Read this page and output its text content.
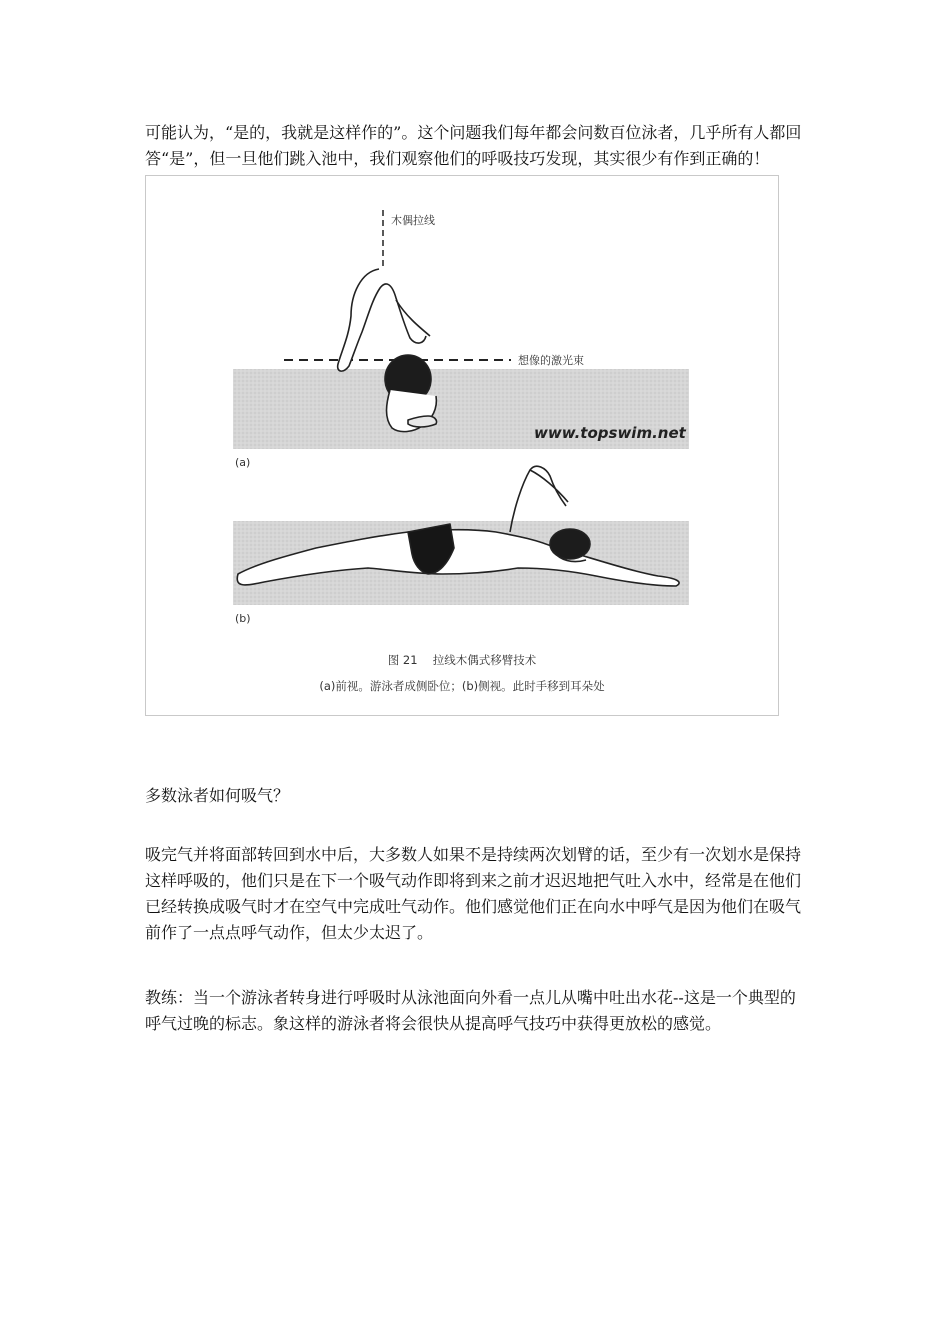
可能认为，“是的，我就是这样作的”。这个问题我们每年都会问数百位泳者，几乎所有人都回答“是”，但一旦他们跳入池中，我们观察他们的呼吸技巧发现，其实很少有作到正确的！

木偶拉线
想像的激光束
www.topswim.net
(a)
(b)
图 21　 拉线木偶式移臂技术
(a)前视。游泳者成侧卧位；(b)侧视。此时手移到耳朵处

多数泳者如何吸气？

吸完气并将面部转回到水中后，大多数人如果不是持续两次划臂的话，至少有一次划水是保持这样呼吸的，他们只是在下一个吸气动作即将到来之前才迟迟地把气吐入水中，经常是在他们已经转换成吸气时才在空气中完成吐气动作。他们感觉他们正在向水中呼气是因为他们在吸气前作了一点点呼气动作，但太少太迟了。

教练：当一个游泳者转身进行呼吸时从泳池面向外看一点儿从嘴中吐出水花--这是一个典型的呼气过晚的标志。象这样的游泳者将会很快从提高呼气技巧中获得更放松的感觉。
